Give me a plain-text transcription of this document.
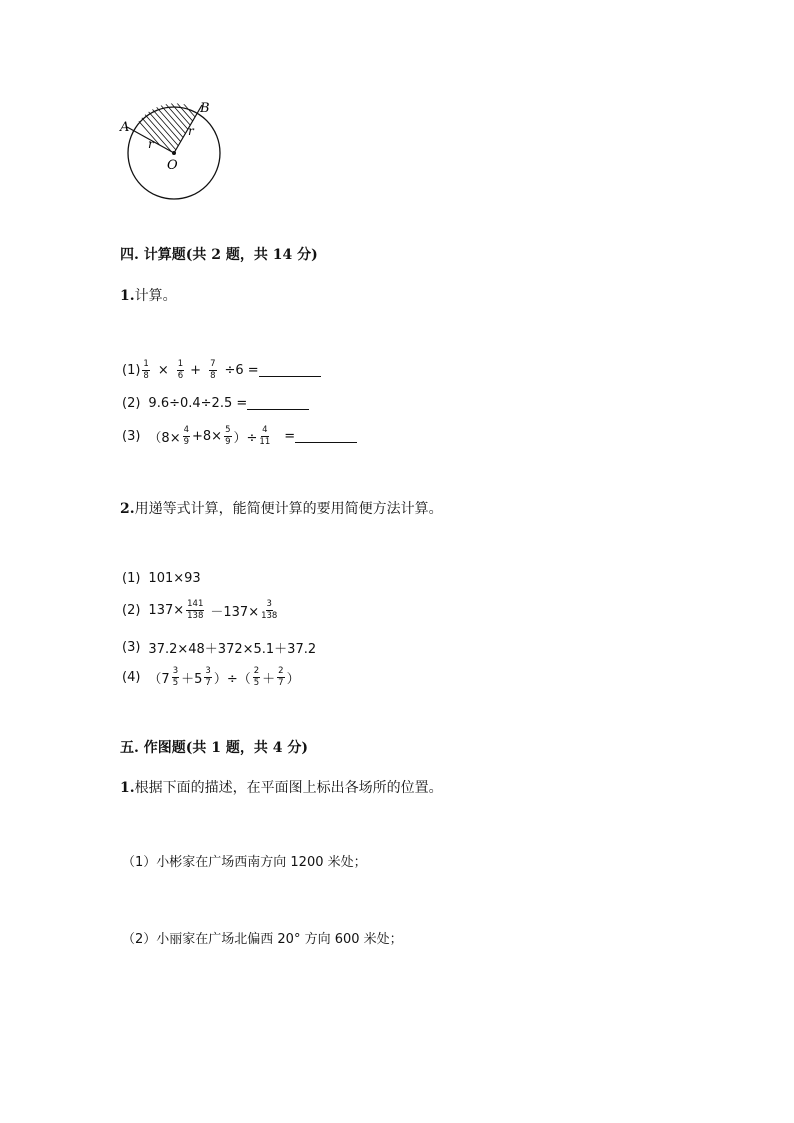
A
B
O
r
r
四. 计算题(共 2 题，共 14 分)
1.计算。
$(1) \frac{1}{8} \times \frac{1}{6} + \frac{7}{8} \div 6$ =
(2) 9.6÷0.4÷2.5 =
(3) （$8\times \frac{4}{9} +8\times \frac{5}{9}$ ）÷ $\frac{4}{11}$ =
2.用递等式计算，能简便计算的要用简便方法计算。
(1) 101×93
(2) $137\times \frac{141}{138} -137\times \frac{3}{138}$
(3) 37.2×48＋372×5.1＋37.2
(4) （$7 \frac{3}{5} +5 \frac{3}{7}$ ）÷（ $\frac{2}{5} + \frac{2}{7}$ ）
五. 作图题(共 1 题，共 4 分)
1.根据下面的描述，在平面图上标出各场所的位置。
（1）小彬家在广场西南方向 1200 米处；
（2）小丽家在广场北偏西 20° 方向 600 米处；
